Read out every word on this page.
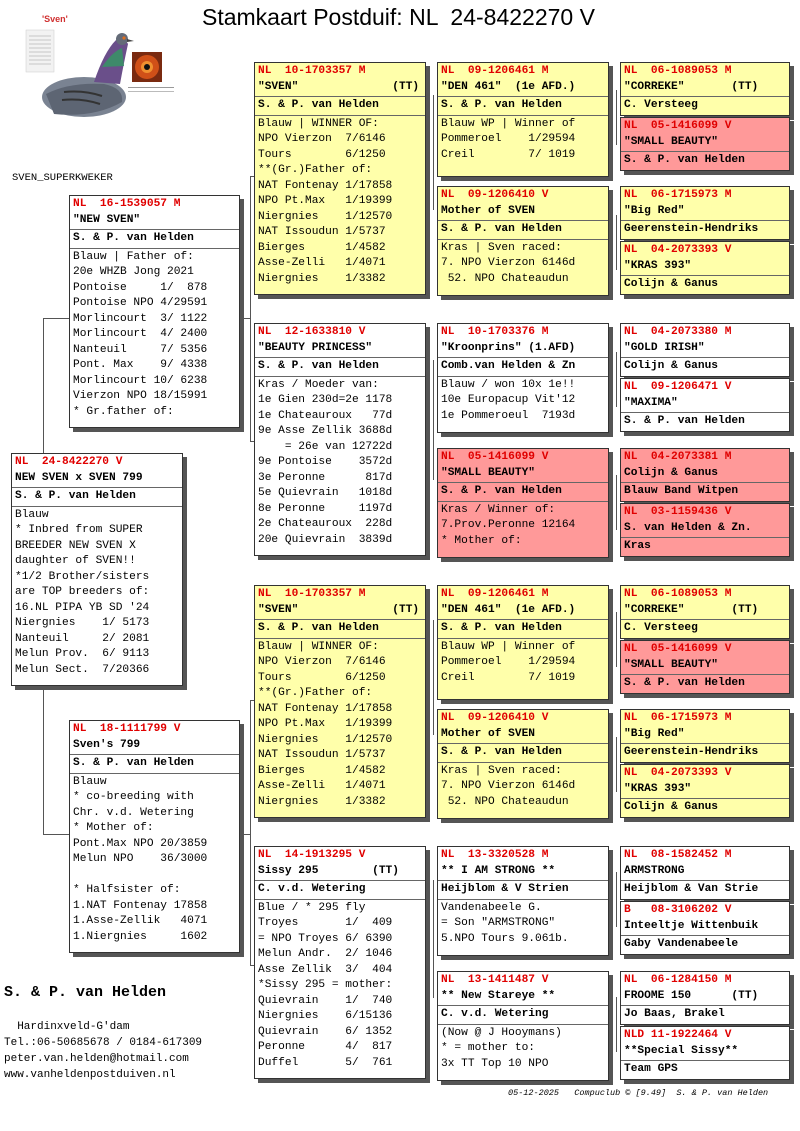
Stamkaart Postduif: NL  24-8422270 V
'Sven'
SVEN_SUPERKWEKER
NL  24-8422270 V
NEW SVEN x SVEN 799
S. & P. van Helden
Blauw
* Inbred from SUPER
BREEDER NEW SVEN X
daughter of SVEN!!
*1/2 Brother/sisters
are TOP breeders of:
16.NL PIPA YB SD '24
Niergnies    1/ 5173
Nanteuil     2/ 2081
Melun Prov.  6/ 9113
Melun Sect.  7/20366
NL  16-1539057 M
"NEW SVEN"
S. & P. van Helden
Blauw | Father of:
20e WHZB Jong 2021
Pontoise     1/  878
Pontoise NPO 4/29591
Morlincourt  3/ 1122
Morlincourt  4/ 2400
Nanteuil     7/ 5356
Pont. Max    9/ 4338
Morlincourt 10/ 6238
Vierzon NPO 18/15991
* Gr.father of:
NL  18-1111799 V
Sven's 799
S. & P. van Helden
Blauw
* co-breeding with
Chr. v.d. Wetering
* Mother of:
Pont.Max NPO 20/3859
Melun NPO    36/3000

* Halfsister of:
1.NAT Fontenay 17858
1.Asse-Zellik   4071
1.Niergnies     1602
NL  10-1703357 M
"SVEN"              (TT)
S. & P. van Helden
Blauw | WINNER OF:
NPO Vierzon  7/6146
Tours        6/1250
**(Gr.)Father of:
NAT Fontenay 1/17858
NPO Pt.Max   1/19399
Niergnies    1/12570
NAT Issoudun 1/5737
Bierges      1/4582
Asse-Zelli   1/4071
Niergnies    1/3382
NL  12-1633810 V
"BEAUTY PRINCESS"
S. & P. van Helden
Kras / Moeder van:
1e Gien 230d=2e 1178
1e Chateauroux   77d
9e Asse Zellik 3688d
= 26e van 12722d
9e Pontoise    3572d
3e Peronne      817d
5e Quievrain   1018d
8e Peronne     1197d
2e Chateauroux  228d
20e Quievrain  3839d
NL  10-1703357 M
"SVEN"              (TT)
S. & P. van Helden
Blauw | WINNER OF:
NPO Vierzon  7/6146
Tours        6/1250
**(Gr.)Father of:
NAT Fontenay 1/17858
NPO Pt.Max   1/19399
Niergnies    1/12570
NAT Issoudun 1/5737
Bierges      1/4582
Asse-Zelli   1/4071
Niergnies    1/3382
NL  14-1913295 V
Sissy 295        (TT)
C. v.d. Wetering
Blue / * 295 fly
Troyes       1/  409
= NPO Troyes 6/ 6390
Melun Andr.  2/ 1046
Asse Zellik  3/  404
*Sissy 295 = mother:
Quievrain    1/  740
Niergnies    6/15136
Quievrain    6/ 1352
Peronne      4/  817
Duffel       5/  761
NL  09-1206461 M
"DEN 461"  (1e AFD.)
S. & P. van Helden
Blauw WP | Winner of
Pommeroel    1/29594
Creil        7/ 1019
NL  09-1206410 V
Mother of SVEN
S. & P. van Helden
Kras | Sven raced:
7. NPO Vierzon 6146d
52. NPO Chateaudun
NL  10-1703376 M
"Kroonprins" (1.AFD)
Comb.van Helden & Zn
Blauw / won 10x 1e!!
10e Europacup Vit'12
1e Pommeroeul  7193d
NL  05-1416099 V
"SMALL BEAUTY"
S. & P. van Helden
Kras / Winner of:
7.Prov.Peronne 12164
* Mother of:
NL  09-1206461 M
"DEN 461"  (1e AFD.)
S. & P. van Helden
Blauw WP | Winner of
Pommeroel    1/29594
Creil        7/ 1019
NL  09-1206410 V
Mother of SVEN
S. & P. van Helden
Kras | Sven raced:
7. NPO Vierzon 6146d
52. NPO Chateaudun
NL  13-3320528 M
** I AM STRONG **
Heijblom & V Strien
Vandenabeele G.
= Son "ARMSTRONG"
5.NPO Tours 9.061b.
NL  13-1411487 V
** New Stareye **
C. v.d. Wetering
(Now @ J Hooymans)
* = mother to:
3x TT Top 10 NPO
NL  06-1089053 M
"CORREKE"       (TT)
C. Versteeg
NL  05-1416099 V
"SMALL BEAUTY"
S. & P. van Helden
NL  06-1715973 M
"Big Red"
Geerenstein-Hendriks
NL  04-2073393 V
"KRAS 393"
Colijn & Ganus
NL  04-2073380 M
"GOLD IRISH"
Colijn & Ganus
NL  09-1206471 V
"MAXIMA"
S. & P. van Helden
NL  04-2073381 M
Colijn & Ganus
Blauw Band Witpen
NL  03-1159436 V
S. van Helden & Zn.
Kras
NL  06-1089053 M
"CORREKE"       (TT)
C. Versteeg
NL  05-1416099 V
"SMALL BEAUTY"
S. & P. van Helden
NL  06-1715973 M
"Big Red"
Geerenstein-Hendriks
NL  04-2073393 V
"KRAS 393"
Colijn & Ganus
NL  08-1582452 M
ARMSTRONG
Heijblom & Van Strie
B   08-3106202 V
Inteeltje Wittenbuik
Gaby Vandenabeele
NL  06-1284150 M
FROOME 150      (TT)
Jo Baas, Brakel
NLD 11-1922464 V
**Special Sissy**
Team GPS
S. & P. van Helden
Hardinxveld-G'dam
Tel.:06-50685678 / 0184-617309
peter.van.helden@hotmail.com
www.vanheldenpostduiven.nl
05-12-2025   Compuclub © [9.49]  S. & P. van Helden
